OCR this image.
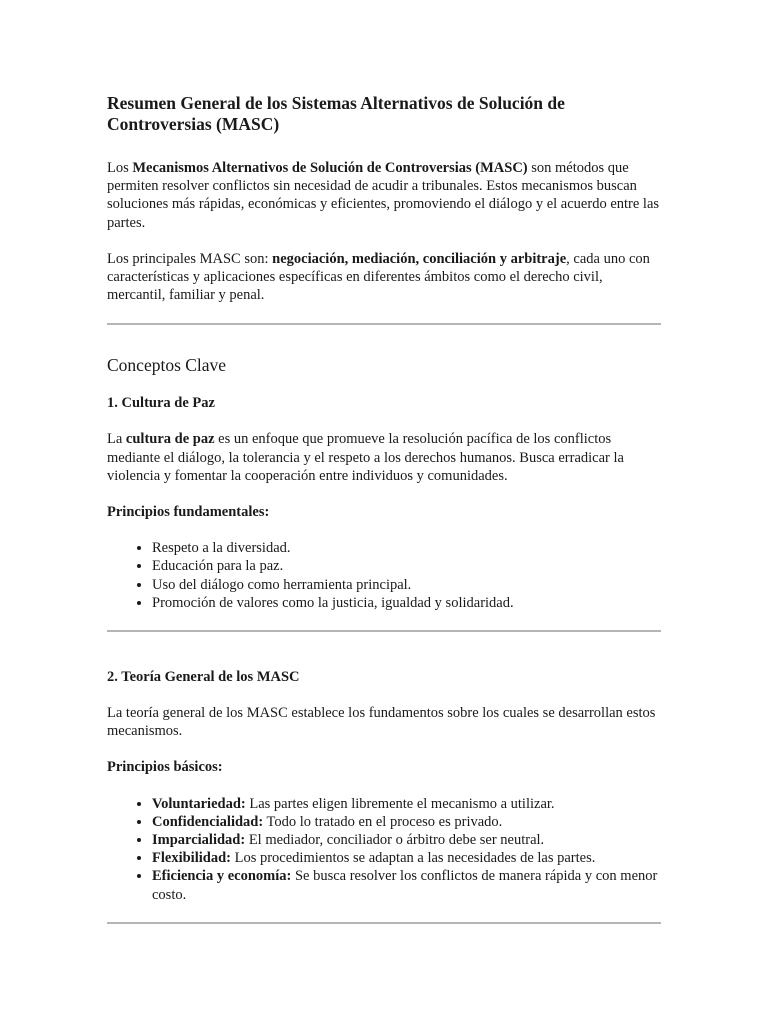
Resumen General de los Sistemas Alternativos de Solución de Controversias (MASC)

Los Mecanismos Alternativos de Solución de Controversias (MASC) son métodos que permiten resolver conflictos sin necesidad de acudir a tribunales. Estos mecanismos buscan soluciones más rápidas, económicas y eficientes, promoviendo el diálogo y el acuerdo entre las partes.

Los principales MASC son: negociación, mediación, conciliación y arbitraje, cada uno con características y aplicaciones específicas en diferentes ámbitos como el derecho civil, mercantil, familiar y penal.

Conceptos Clave
1. Cultura de Paz

La cultura de paz es un enfoque que promueve la resolución pacífica de los conflictos mediante el diálogo, la tolerancia y el respeto a los derechos humanos. Busca erradicar la violencia y fomentar la cooperación entre individuos y comunidades.

Principios fundamentales:

• Respeto a la diversidad.
• Educación para la paz.
• Uso del diálogo como herramienta principal.
• Promoción de valores como la justicia, igualdad y solidaridad.
2. Teoría General de los MASC

La teoría general de los MASC establece los fundamentos sobre los cuales se desarrollan estos mecanismos.

Principios básicos:

• Voluntariedad: Las partes eligen libremente el mecanismo a utilizar.
• Confidencialidad: Todo lo tratado en el proceso es privado.
• Imparcialidad: El mediador, conciliador o árbitro debe ser neutral.
• Flexibilidad: Los procedimientos se adaptan a las necesidades de las partes.
• Eficiencia y economía: Se busca resolver los conflictos de manera rápida y con menor costo.
